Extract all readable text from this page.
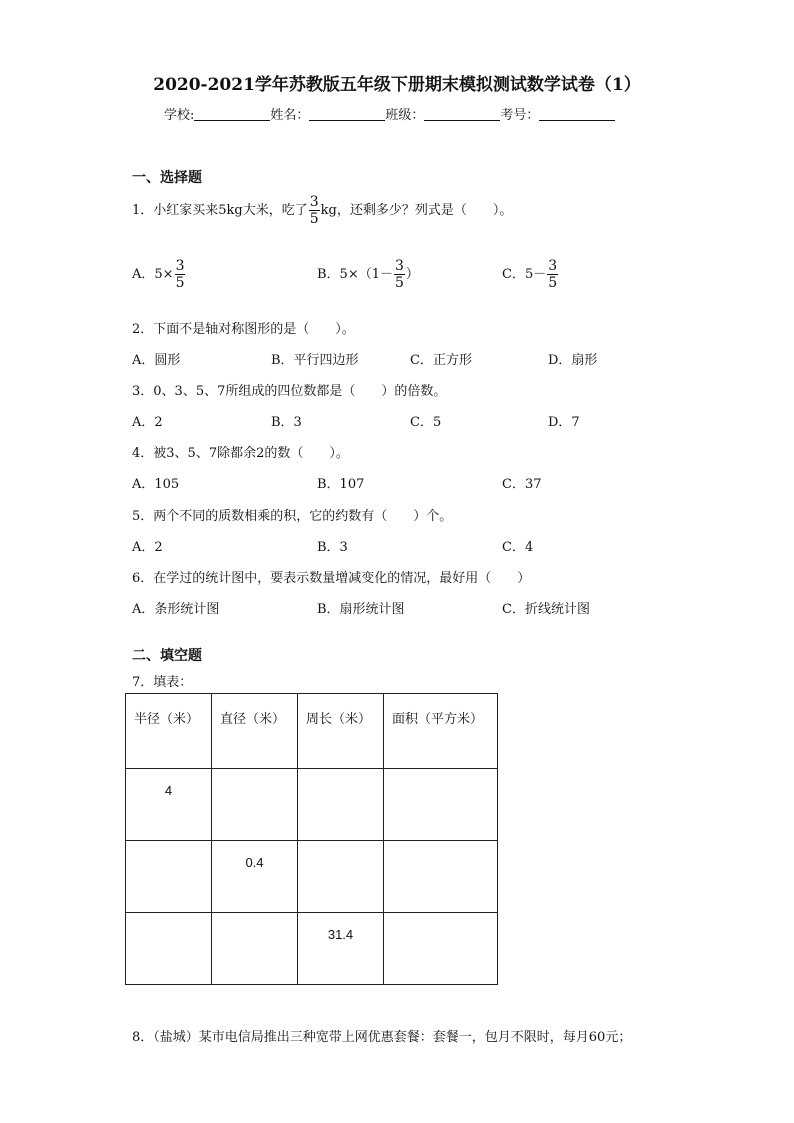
2020-2021学年苏教版五年级下册期末模拟测试数学试卷（1）
学校:	姓名：	班级：	考号：
一、选择题
1．小红家买来5kg大米，吃了 $\frac{3}{5}$ kg，还剩多少？列式是（　　）。
A．$5\times \frac{3}{5}$	B．$5\times(1- \frac{3}{5}$ ）	C．$5- \frac{3}{5}$
2．下面不是轴对称图形的是（　　）。
A．圆形	B．平行四边形	C．正方形	D．扇形
3．0、3、5、7所组成的四位数都是（　　）的倍数。
A．2	B．3	C．5	D．7
4．被3、5、7除都余2的数（　　）。
A．105	B．107	C．37
5．两个不同的质数相乘的积，它的约数有（　　）个。
A．2	B．3	C．4
6．在学过的统计图中，要表示数量增减变化的情况，最好用（　　）
A．条形统计图	B．扇形统计图	C．折线统计图
二、填空题
7．填表：
半径（米）	直径（米）	周长（米）	面积（平方米）
4			
	0.4		
		31.4	
8．（盐城）某市电信局推出三种宽带上网优惠套餐：套餐一，包月不限时，每月60元；
